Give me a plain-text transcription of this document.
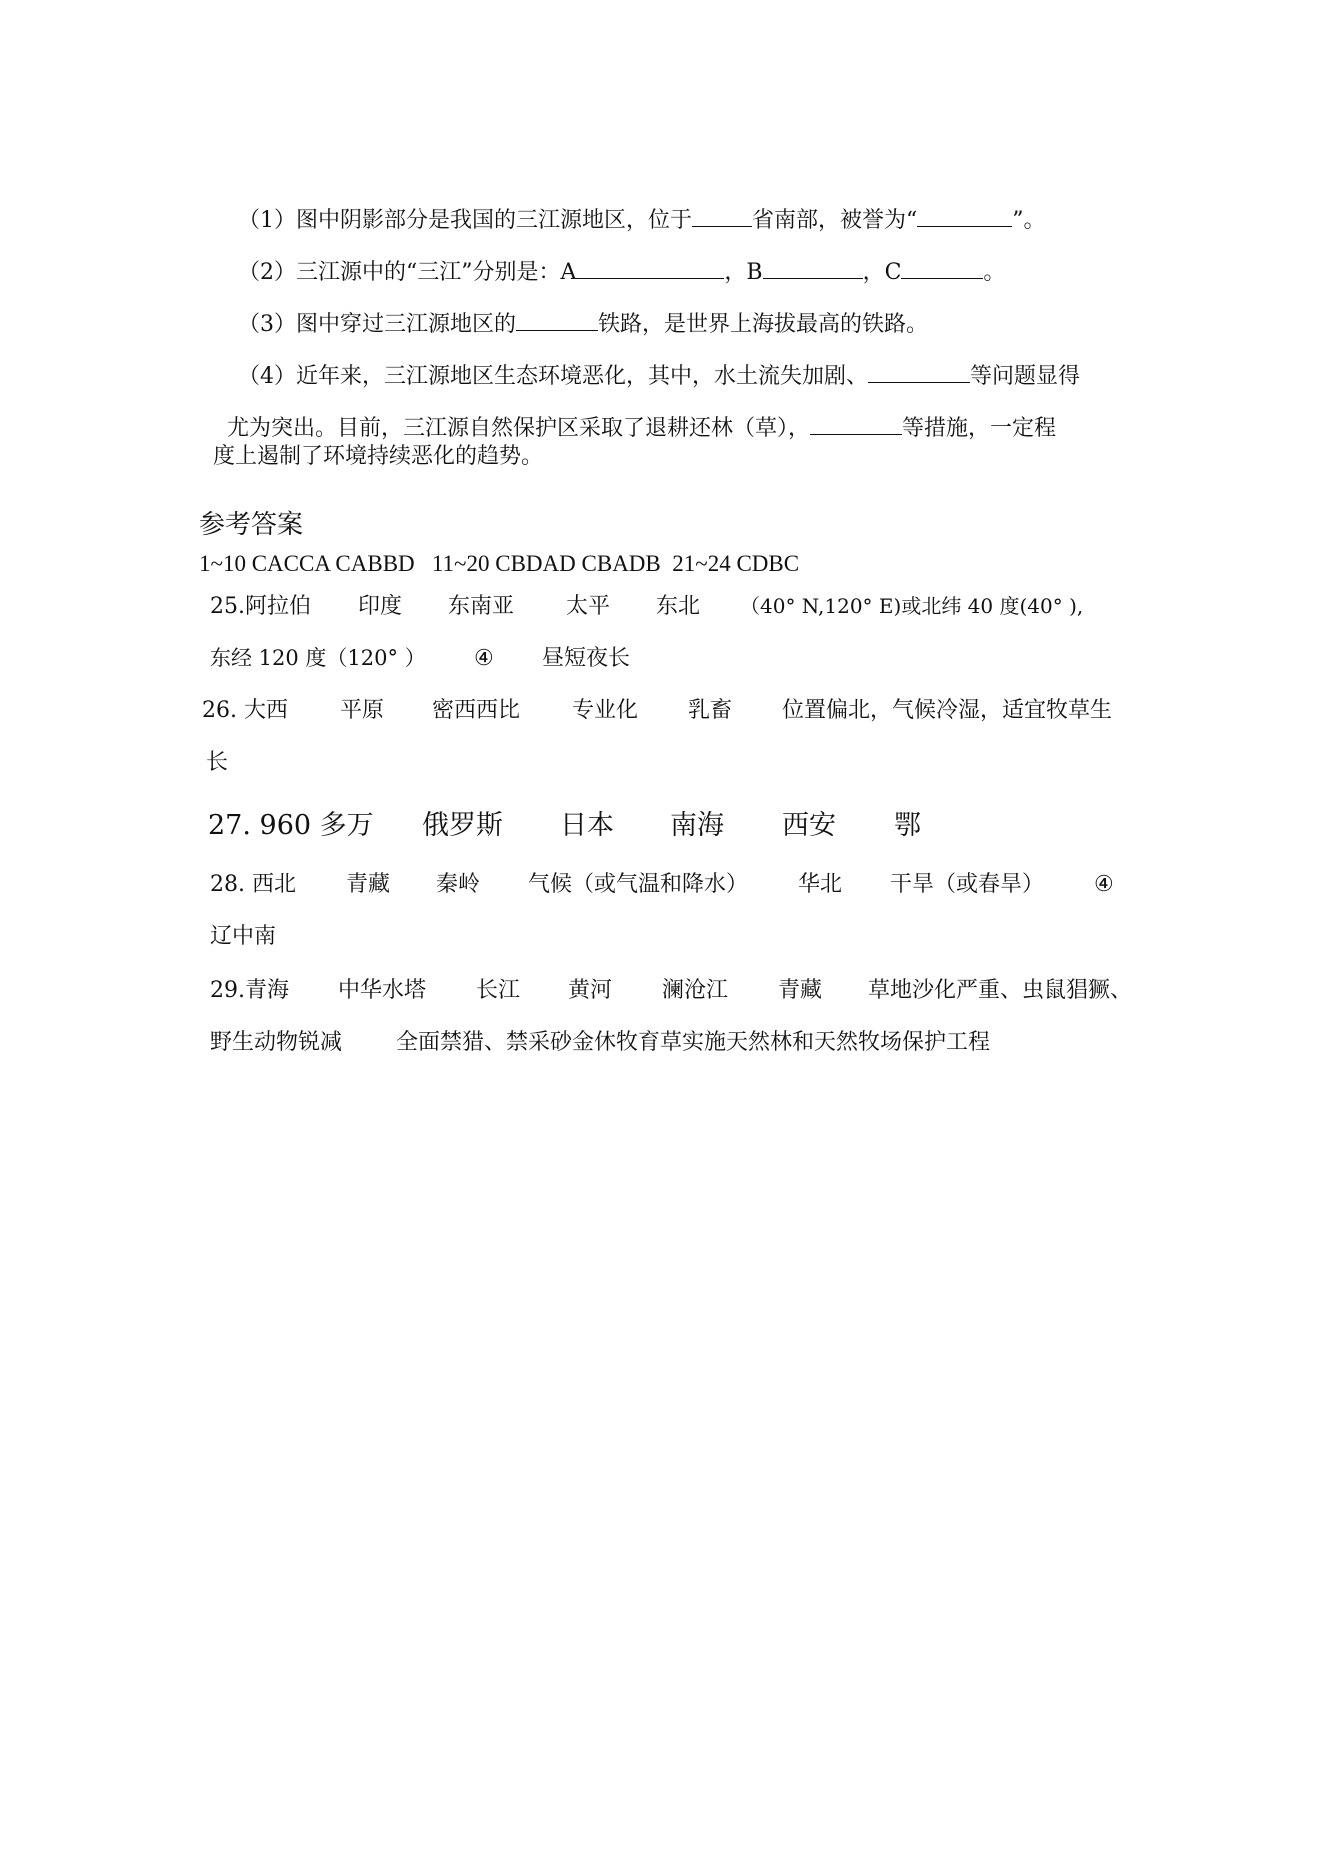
（1）图中阴影部分是我国的三江源地区，位于	省南部，被誉为“	”。

（2）三江源中的“三江”分别是：A	，B	，C	。

（3）图中穿过三江源地区的	铁路，是世界上海拔最高的铁路。

（4）近年来，三江源地区生态环境恶化，其中，水土流失加剧、	等问题显得

尤为突出。目前，三江源自然保护区采取了退耕还林（草），	等措施，一定程

度上遏制了环境持续恶化的趋势。
参考答案
1~10 CACCA CABBD   11~20 CBDAD CBADB  21~24 CDBC
25.阿拉伯 印度 东南亚 太平 东北 （40° N,120° E)或北纬 40 度(40° ),
东经 120 度（120° ） ④ 昼短夜长
26. 大西 平原 密西西比 专业化 乳畜 位置偏北，气候冷湿，适宜牧草生
长
27. 960 多万 俄罗斯 日本 南海 西安 鄂
28. 西北 青藏 秦岭 气候（或气温和降水） 华北 干旱（或春旱） ④
辽中南
29.青海 中华水塔 长江 黄河 澜沧江 青藏 草地沙化严重、虫鼠猖獗、
野生动物锐减 全面禁猎、禁采砂金休牧育草实施天然林和天然牧场保护工程
